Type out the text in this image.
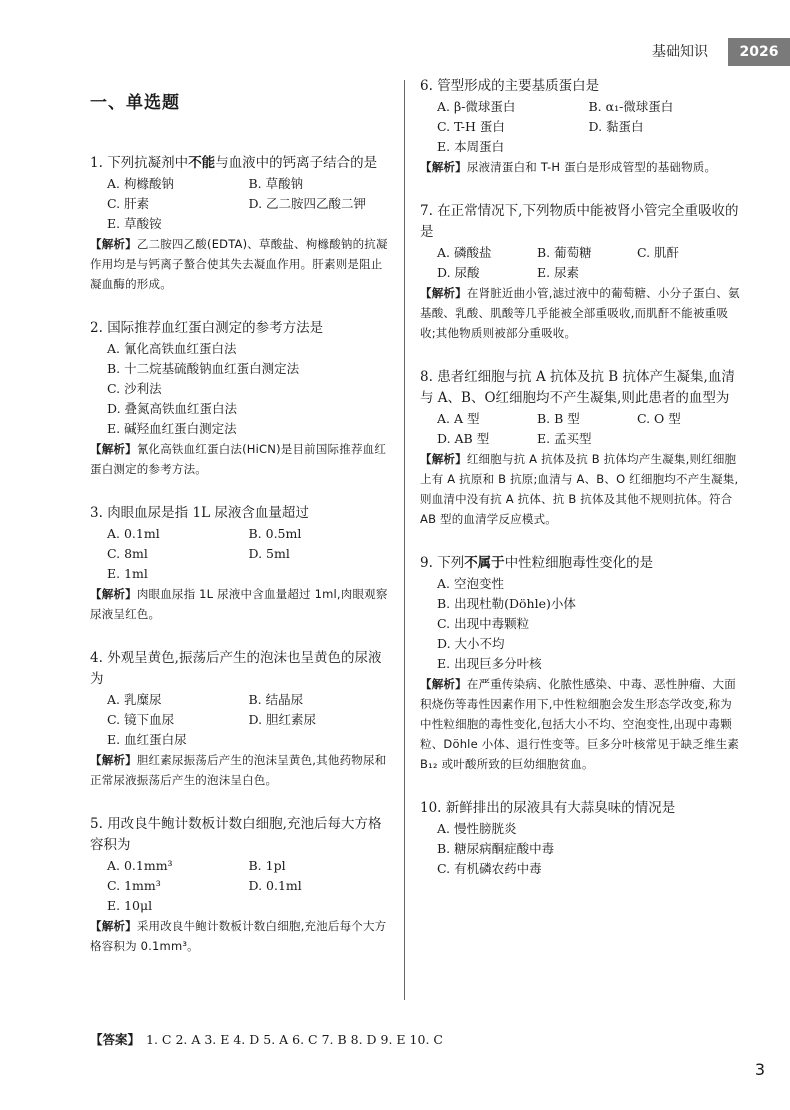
基础知识	2026
一、单选题
1. 下列抗凝剂中不能与血液中的钙离子结合的是
A. 枸橼酸钠	B. 草酸钠
C. 肝素	D. 乙二胺四乙酸二钾
E. 草酸铵
【解析】乙二胺四乙酸(EDTA)、草酸盐、枸橼酸钠的抗凝作用均是与钙离子螯合使其失去凝血作用。肝素则是阻止凝血酶的形成。
2. 国际推荐血红蛋白测定的参考方法是
A. 氰化高铁血红蛋白法
B. 十二烷基硫酸钠血红蛋白测定法
C. 沙利法
D. 叠氮高铁血红蛋白法
E. 碱羟血红蛋白测定法
【解析】氰化高铁血红蛋白法(HiCN)是目前国际推荐血红蛋白测定的参考方法。
3. 肉眼血尿是指 1L 尿液含血量超过
A. 0.1ml	B. 0.5ml
C. 8ml	D. 5ml
E. 1ml
【解析】肉眼血尿指 1L 尿液中含血量超过 1ml,肉眼观察尿液呈红色。
4. 外观呈黄色,振荡后产生的泡沫也呈黄色的尿液为
A. 乳糜尿	B. 结晶尿
C. 镜下血尿	D. 胆红素尿
E. 血红蛋白尿
【解析】胆红素尿振荡后产生的泡沫呈黄色,其他药物尿和正常尿液振荡后产生的泡沫呈白色。
5. 用改良牛鲍计数板计数白细胞,充池后每大方格容积为
A. 0.1mm³	B. 1pl
C. 1mm³	D. 0.1ml
E. 10μl
【解析】采用改良牛鲍计数板计数白细胞,充池后每个大方格容积为 0.1mm³。
6. 管型形成的主要基质蛋白是
A. β-微球蛋白	B. α₁-微球蛋白
C. T-H 蛋白	D. 黏蛋白
E. 本周蛋白
【解析】尿液清蛋白和 T-H 蛋白是形成管型的基础物质。
7. 在正常情况下,下列物质中能被肾小管完全重吸收的是
A. 磷酸盐	B. 葡萄糖	C. 肌酐
D. 尿酸	E. 尿素
【解析】在肾脏近曲小管,滤过液中的葡萄糖、小分子蛋白、氨基酸、乳酸、肌酸等几乎能被全部重吸收,而肌酐不能被重吸收;其他物质则被部分重吸收。
8. 患者红细胞与抗 A 抗体及抗 B 抗体产生凝集,血清与 A、B、O红细胞均不产生凝集,则此患者的血型为
A. A 型	B. B 型	C. O 型
D. AB 型	E. 孟买型
【解析】红细胞与抗 A 抗体及抗 B 抗体均产生凝集,则红细胞上有 A 抗原和 B 抗原;血清与 A、B、O 红细胞均不产生凝集,则血清中没有抗 A 抗体、抗 B 抗体及其他不规则抗体。符合 AB 型的血清学反应模式。
9. 下列不属于中性粒细胞毒性变化的是
A. 空泡变性
B. 出现杜勒(Döhle)小体
C. 出现中毒颗粒
D. 大小不均
E. 出现巨多分叶核
【解析】在严重传染病、化脓性感染、中毒、恶性肿瘤、大面积烧伤等毒性因素作用下,中性粒细胞会发生形态学改变,称为中性粒细胞的毒性变化,包括大小不均、空泡变性,出现中毒颗粒、Döhle 小体、退行性变等。巨多分叶核常见于缺乏维生素 B₁₂ 或叶酸所致的巨幼细胞贫血。
10. 新鲜排出的尿液具有大蒜臭味的情况是
A. 慢性膀胱炎
B. 糖尿病酮症酸中毒
C. 有机磷农药中毒
【答案】 1. C 2. A 3. E 4. D 5. A 6. C 7. B 8. D 9. E 10. C
3
